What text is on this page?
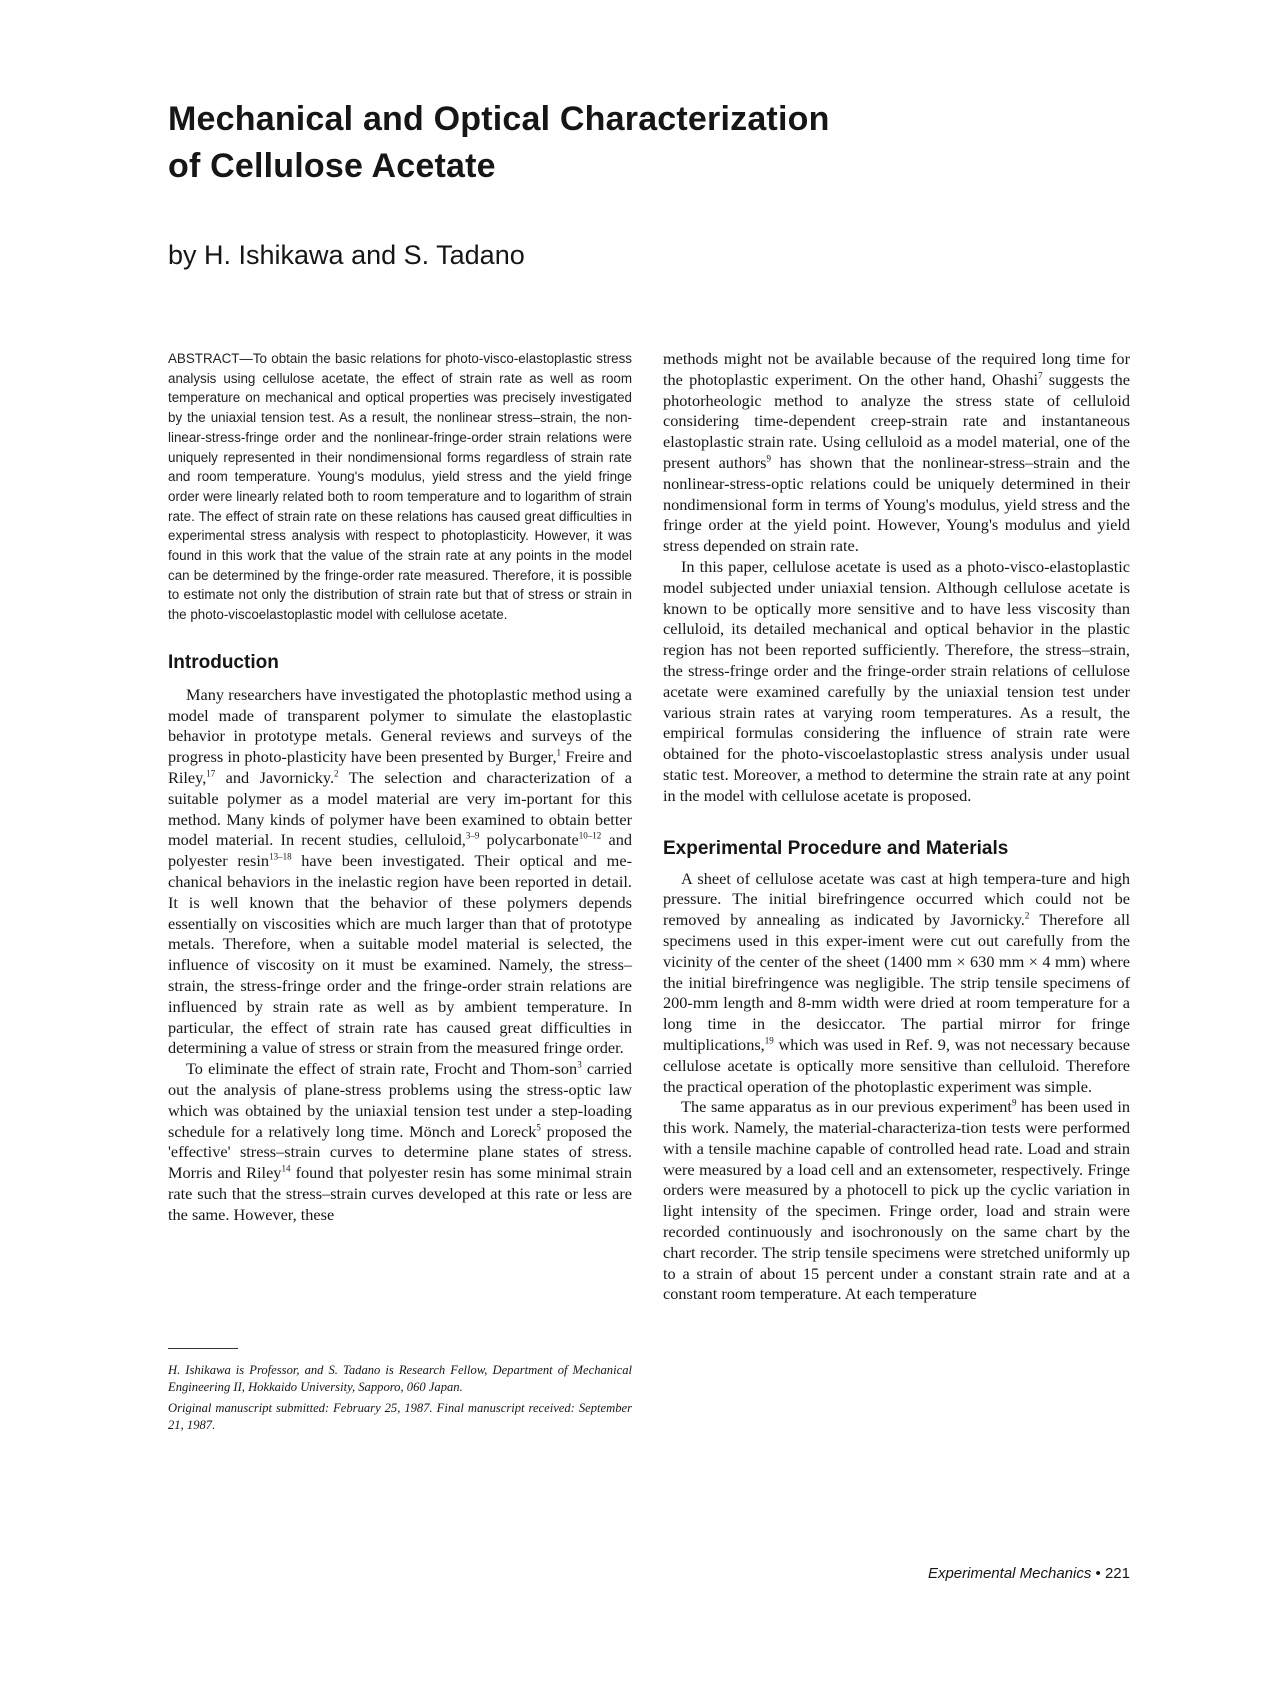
Mechanical and Optical Characterization
of Cellulose Acetate
by H. Ishikawa and S. Tadano

ABSTRACT—To obtain the basic relations for photo-visco-elastoplastic stress analysis using cellulose acetate, the effect of strain rate as well as room temperature on mechanical and optical properties was precisely investigated by the uniaxial tension test. As a result, the nonlinear stress–strain, the non-linear-stress-fringe order and the nonlinear-fringe-order strain relations were uniquely represented in their nondimensional forms regardless of strain rate and room temperature. Young's modulus, yield stress and the yield fringe order were linearly related both to room temperature and to logarithm of strain rate. The effect of strain rate on these relations has caused great difficulties in experimental stress analysis with respect to photoplasticity. However, it was found in this work that the value of the strain rate at any points in the model can be determined by the fringe-order rate measured. Therefore, it is possible to estimate not only the distribution of strain rate but that of stress or strain in the photo-viscoelastoplastic model with cellulose acetate.

Introduction

Many researchers have investigated the photoplastic method using a model made of transparent polymer to simulate the elastoplastic behavior in prototype metals. General reviews and surveys of the progress in photo-plasticity have been presented by Burger,$^1$ Freire and Riley,$^{17}$ and Javornicky.$^2$ The selection and characterization of a suitable polymer as a model material are very im-portant for this method. Many kinds of polymer have been examined to obtain better model material. In recent studies, celluloid,$^{3-9}$ polycarbonate$^{10-12}$ and polyester resin$^{13-18}$ have been investigated. Their optical and me-chanical behaviors in the inelastic region have been reported in detail. It is well known that the behavior of these polymers depends essentially on viscosities which are much larger than that of prototype metals. Therefore, when a suitable model material is selected, the influence of viscosity on it must be examined. Namely, the stress–strain, the stress-fringe order and the fringe-order strain relations are influenced by strain rate as well as by ambient temperature. In particular, the effect of strain rate has caused great difficulties in determining a value of stress or strain from the measured fringe order.

To eliminate the effect of strain rate, Frocht and Thom-son$^3$ carried out the analysis of plane-stress problems using the stress-optic law which was obtained by the uniaxial tension test under a step-loading schedule for a relatively long time. Mönch and Loreck$^5$ proposed the 'effective' stress–strain curves to determine plane states of stress. Morris and Riley$^{14}$ found that polyester resin has some minimal strain rate such that the stress–strain curves developed at this rate or less are the same. However, these

H. Ishikawa is Professor, and S. Tadano is Research Fellow, Department of Mechanical Engineering II, Hokkaido University, Sapporo, 060 Japan.

Original manuscript submitted: February 25, 1987. Final manuscript received: September 21, 1987.

methods might not be available because of the required long time for the photoplastic experiment. On the other hand, Ohashi$^7$ suggests the photorheologic method to analyze the stress state of celluloid considering time-dependent creep-strain rate and instantaneous elastoplastic strain rate. Using celluloid as a model material, one of the present authors$^9$ has shown that the nonlinear-stress–strain and the nonlinear-stress-optic relations could be uniquely determined in their nondimensional form in terms of Young's modulus, yield stress and the fringe order at the yield point. However, Young's modulus and yield stress depended on strain rate.

In this paper, cellulose acetate is used as a photo-visco-elastoplastic model subjected under uniaxial tension. Although cellulose acetate is known to be optically more sensitive and to have less viscosity than celluloid, its detailed mechanical and optical behavior in the plastic region has not been reported sufficiently. Therefore, the stress–strain, the stress-fringe order and the fringe-order strain relations of cellulose acetate were examined carefully by the uniaxial tension test under various strain rates at varying room temperatures. As a result, the empirical formulas considering the influence of strain rate were obtained for the photo-viscoelastoplastic stress analysis under usual static test. Moreover, a method to determine the strain rate at any point in the model with cellulose acetate is proposed.

Experimental Procedure and Materials

A sheet of cellulose acetate was cast at high tempera-ture and high pressure. The initial birefringence occurred which could not be removed by annealing as indicated by Javornicky.$^2$ Therefore all specimens used in this exper-iment were cut out carefully from the vicinity of the center of the sheet (1400 mm × 630 mm × 4 mm) where the initial birefringence was negligible. The strip tensile specimens of 200-mm length and 8-mm width were dried at room temperature for a long time in the desiccator. The partial mirror for fringe multiplications,$^{19}$ which was used in Ref. 9, was not necessary because cellulose acetate is optically more sensitive than celluloid. Therefore the practical operation of the photoplastic experiment was simple.

The same apparatus as in our previous experiment$^9$ has been used in this work. Namely, the material-characteriza-tion tests were performed with a tensile machine capable of controlled head rate. Load and strain were measured by a load cell and an extensometer, respectively. Fringe orders were measured by a photocell to pick up the cyclic variation in light intensity of the specimen. Fringe order, load and strain were recorded continuously and isochronously on the same chart by the chart recorder. The strip tensile specimens were stretched uniformly up to a strain of about 15 percent under a constant strain rate and at a constant room temperature. At each temperature

Experimental Mechanics • 221
